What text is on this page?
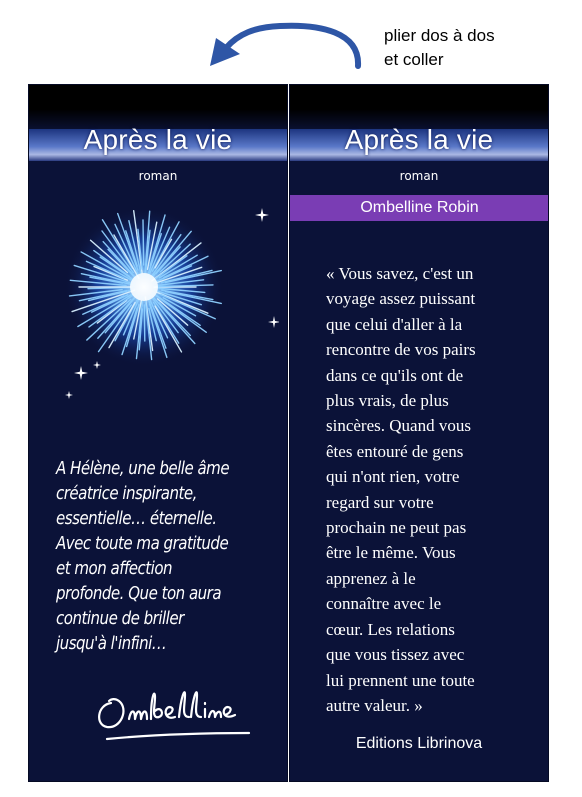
plier dos à dos
et coller
Après la vie
roman
A Hélène, une belle âme
créatrice inspirante,
essentielle… éternelle.
Avec toute ma gratitude
et mon affection
profonde. Que ton aura
continue de briller
jusqu'à l'infini…
Après la vie
roman
Ombelline Robin
« Vous savez, c'est un
voyage assez puissant
que celui d'aller à la
rencontre de vos pairs
dans ce qu'ils ont de
plus vrais, de plus
sincères. Quand vous
êtes entouré de gens
qui n'ont rien, votre
regard sur votre
prochain ne peut pas
être le même. Vous
apprenez à le
connaître avec le
cœur. Les relations
que vous tissez avec
lui prennent une toute
autre valeur. »
Editions Librinova
